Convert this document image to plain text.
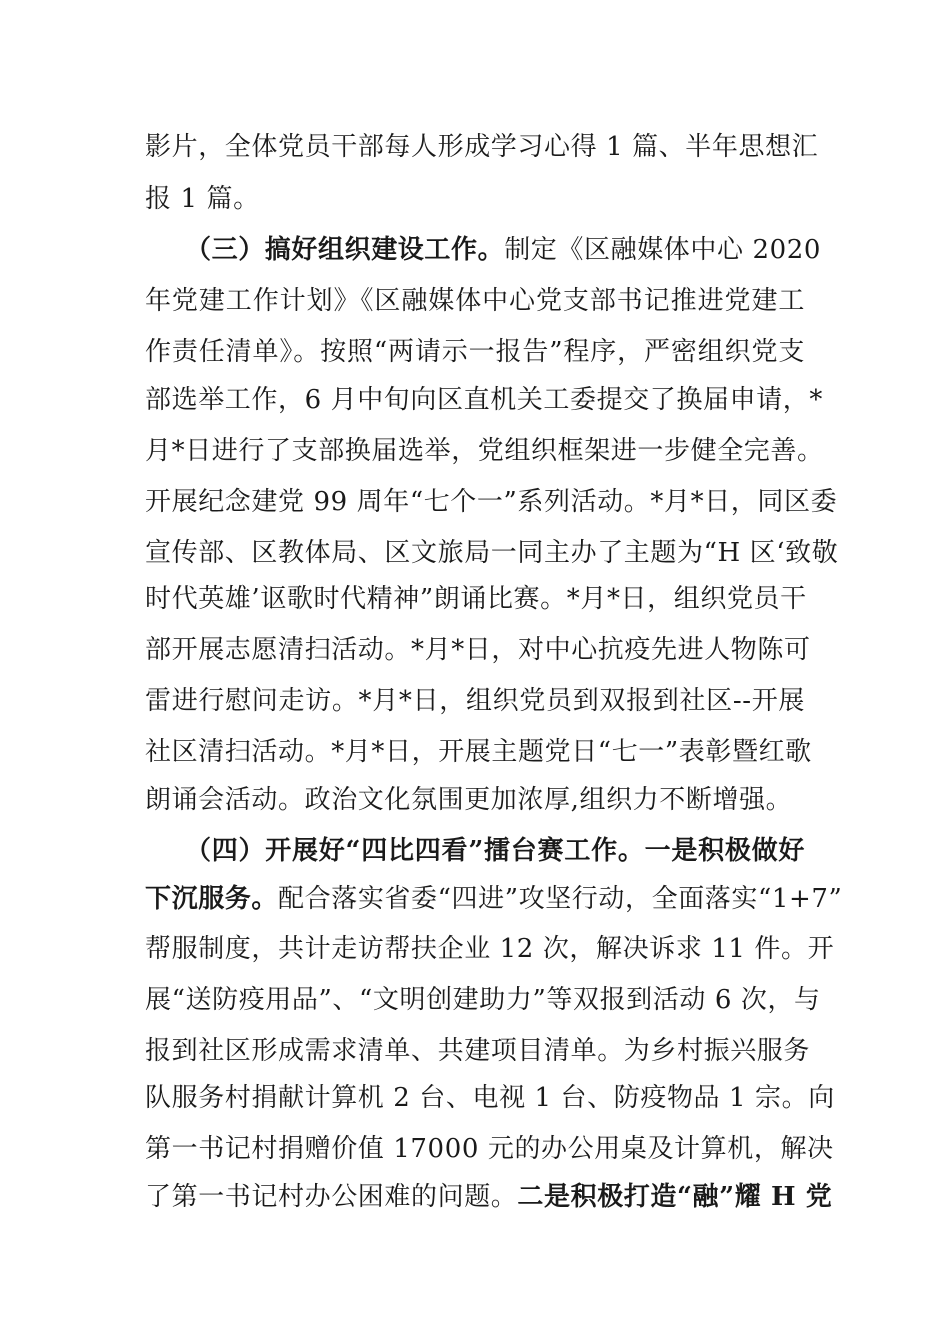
影片，全体党员干部每人形成学习心得 1 篇、半年思想汇
报 1 篇。
（三）搞好组织建设工作。制定《区融媒体中心 2020
年党建工作计划》《区融媒体中心党支部书记推进党建工
作责任清单》。按照“两请示一报告”程序，严密组织党支
部选举工作，6 月中旬向区直机关工委提交了换届申请，*
月*日进行了支部换届选举，党组织框架进一步健全完善。
开展纪念建党 99 周年“七个一”系列活动。*月*日，同区委
宣传部、区教体局、区文旅局一同主办了主题为“H 区‘致敬
时代英雄’讴歌时代精神”朗诵比赛。*月*日，组织党员干
部开展志愿清扫活动。*月*日，对中心抗疫先进人物陈可
雷进行慰问走访。*月*日，组织党员到双报到社区--开展
社区清扫活动。*月*日，开展主题党日“七一”表彰暨红歌
朗诵会活动。政治文化氛围更加浓厚,组织力不断增强。
（四）开展好“四比四看”擂台赛工作。一是积极做好
下沉服务。配合落实省委“四进”攻坚行动，全面落实“1+7”
帮服制度，共计走访帮扶企业 12 次，解决诉求 11 件。开
展“送防疫用品”、“文明创建助力”等双报到活动 6 次，与
报到社区形成需求清单、共建项目清单。为乡村振兴服务
队服务村捐献计算机 2 台、电视 1 台、防疫物品 1 宗。向
第一书记村捐赠价值 17000 元的办公用桌及计算机，解决
了第一书记村办公困难的问题。二是积极打造“融”耀 H 党
